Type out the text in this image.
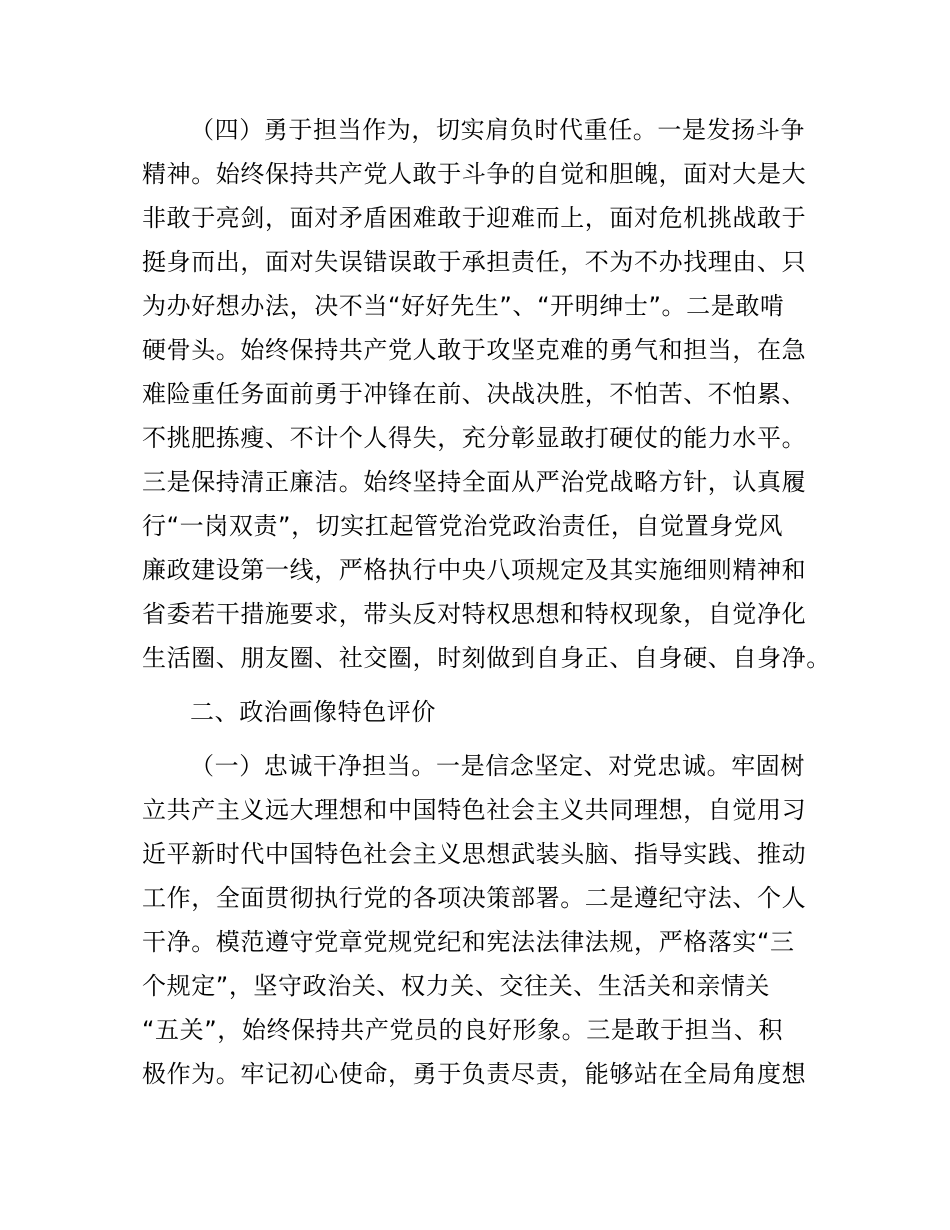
（四）勇于担当作为，切实肩负时代重任。一是发扬斗争
精神。始终保持共产党人敢于斗争的自觉和胆魄，面对大是大
非敢于亮剑，面对矛盾困难敢于迎难而上，面对危机挑战敢于
挺身而出，面对失误错误敢于承担责任，不为不办找理由、只
为办好想办法，决不当“好好先生”、“开明绅士”。二是敢啃
硬骨头。始终保持共产党人敢于攻坚克难的勇气和担当，在急
难险重任务面前勇于冲锋在前、决战决胜，不怕苦、不怕累、
不挑肥拣瘦、不计个人得失，充分彰显敢打硬仗的能力水平。
三是保持清正廉洁。始终坚持全面从严治党战略方针，认真履
行“一岗双责”，切实扛起管党治党政治责任，自觉置身党风
廉政建设第一线，严格执行中央八项规定及其实施细则精神和
省委若干措施要求，带头反对特权思想和特权现象，自觉净化
生活圈、朋友圈、社交圈，时刻做到自身正、自身硬、自身净。
二、政治画像特色评价
（一）忠诚干净担当。一是信念坚定、对党忠诚。牢固树
立共产主义远大理想和中国特色社会主义共同理想，自觉用习
近平新时代中国特色社会主义思想武装头脑、指导实践、推动
工作，全面贯彻执行党的各项决策部署。二是遵纪守法、个人
干净。模范遵守党章党规党纪和宪法法律法规，严格落实“三
个规定”，坚守政治关、权力关、交往关、生活关和亲情关
“五关”，始终保持共产党员的良好形象。三是敢于担当、积
极作为。牢记初心使命，勇于负责尽责，能够站在全局角度想
